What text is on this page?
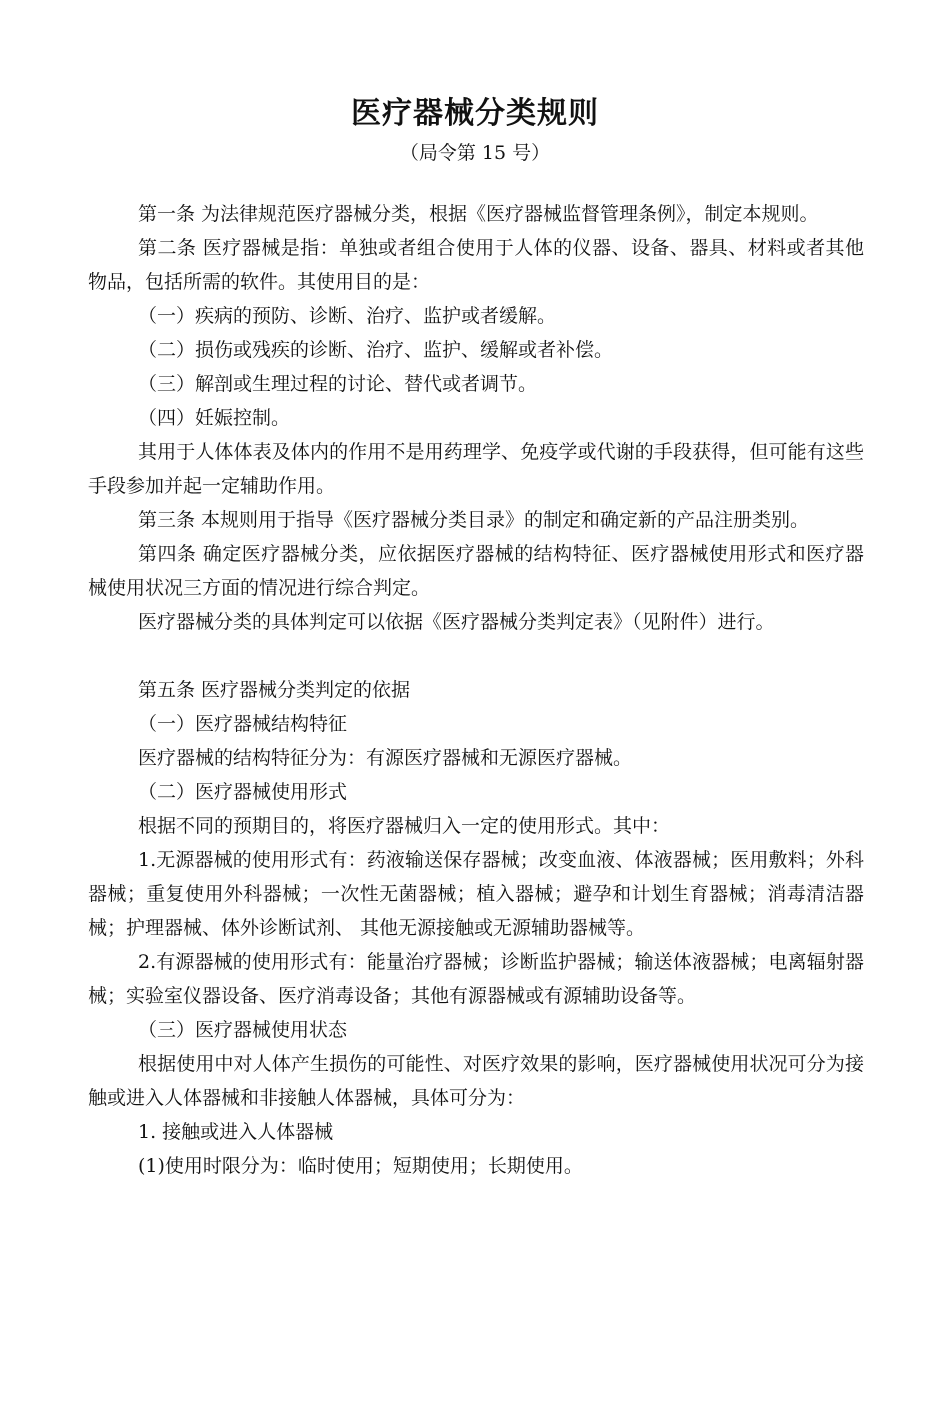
医疗器械分类规则
（局令第 15 号）

第一条 为法律规范医疗器械分类，根据《医疗器械监督管理条例》，制定本规则。

第二条 医疗器械是指：单独或者组合使用于人体的仪器、设备、器具、材料或者其他物品，包括所需的软件。其使用目的是：

（一）疾病的预防、诊断、治疗、监护或者缓解。

（二）损伤或残疾的诊断、治疗、监护、缓解或者补偿。

（三）解剖或生理过程的讨论、替代或者调节。

（四）妊娠控制。

其用于人体体表及体内的作用不是用药理学、免疫学或代谢的手段获得，但可能有这些手段参加并起一定辅助作用。

第三条 本规则用于指导《医疗器械分类目录》的制定和确定新的产品注册类别。

第四条 确定医疗器械分类，应依据医疗器械的结构特征、医疗器械使用形式和医疗器械使用状况三方面的情况进行综合判定。

医疗器械分类的具体判定可以依据《医疗器械分类判定表》（见附件）进行。

第五条 医疗器械分类判定的依据

（一）医疗器械结构特征

医疗器械的结构特征分为：有源医疗器械和无源医疗器械。

（二）医疗器械使用形式

根据不同的预期目的，将医疗器械归入一定的使用形式。其中：

1.无源器械的使用形式有：药液输送保存器械；改变血液、体液器械；医用敷料；外科器械；重复使用外科器械；一次性无菌器械；植入器械；避孕和计划生育器械；消毒清洁器械；护理器械、体外诊断试剂、 其他无源接触或无源辅助器械等。

2.有源器械的使用形式有：能量治疗器械；诊断监护器械；输送体液器械；电离辐射器械；实验室仪器设备、医疗消毒设备；其他有源器械或有源辅助设备等。

（三）医疗器械使用状态

根据使用中对人体产生损伤的可能性、对医疗效果的影响，医疗器械使用状况可分为接触或进入人体器械和非接触人体器械，具体可分为：

1. 接触或进入人体器械

(1)使用时限分为：临时使用；短期使用；长期使用。
